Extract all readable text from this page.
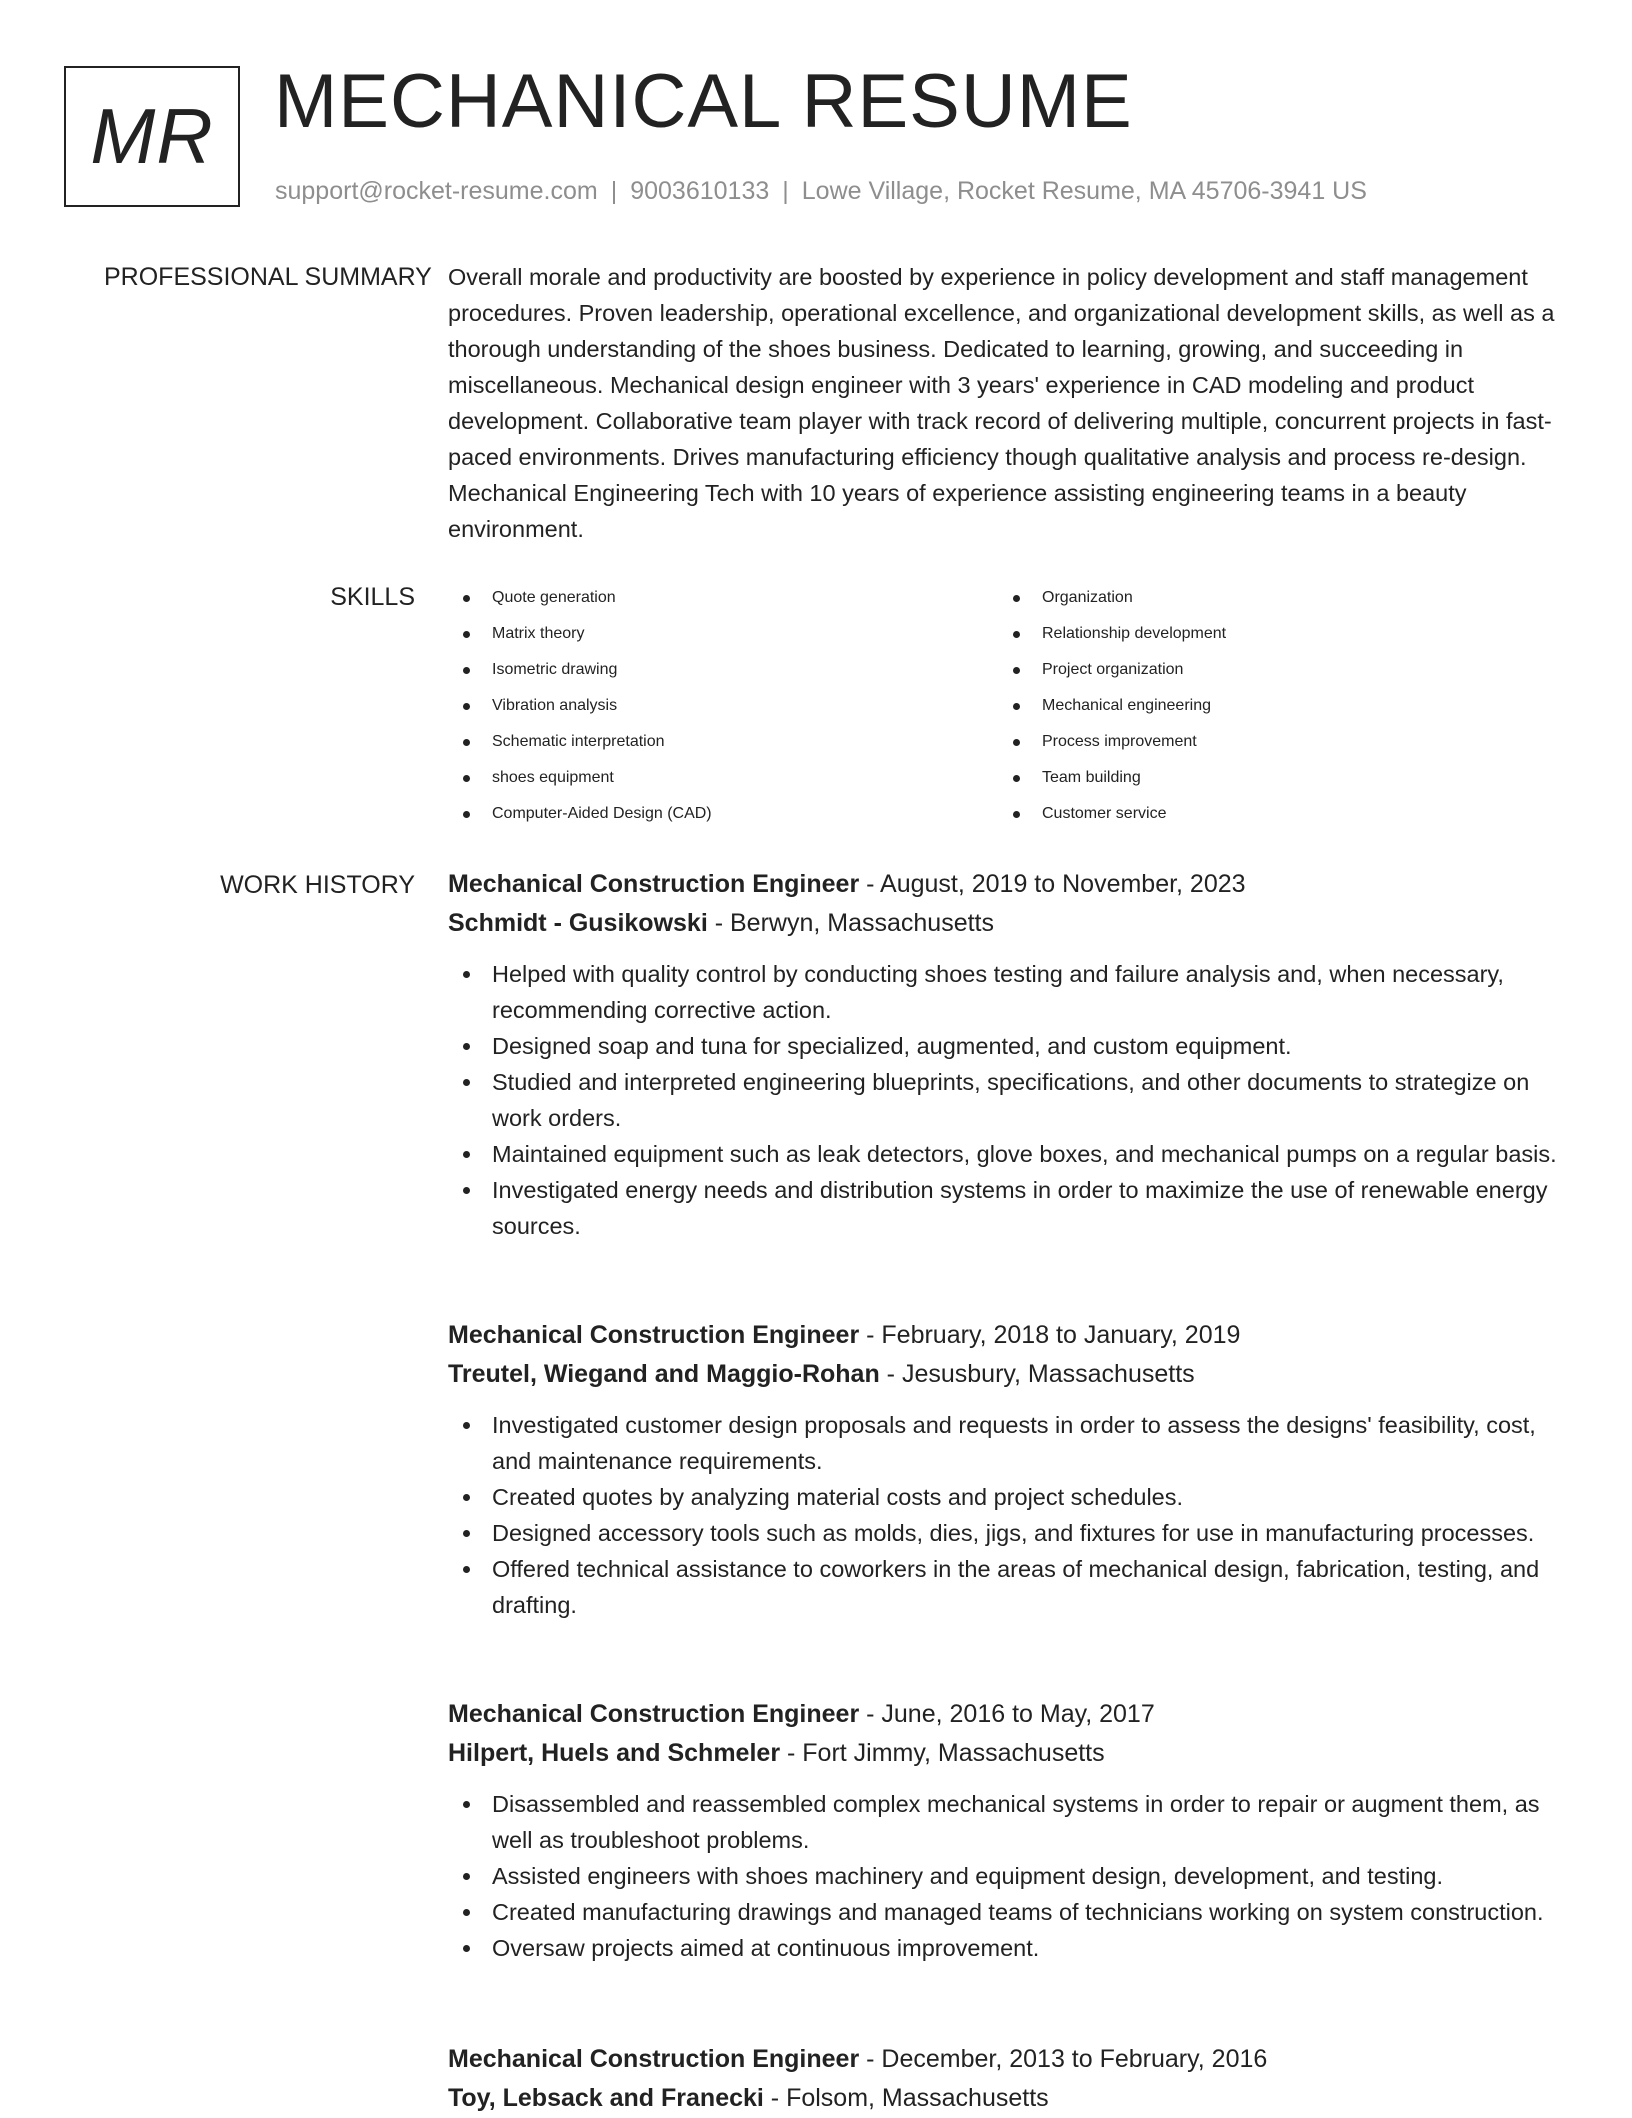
MR MECHANICAL RESUME
support@rocket-resume.com | 9003610133 | Lowe Village, Rocket Resume, MA 45706-3941 US
PROFESSIONAL SUMMARY Overall morale and productivity are boosted by experience in policy development and staff management procedures. Proven leadership, operational excellence, and organizational development skills, as well as a thorough understanding of the shoes business. Dedicated to learning, growing, and succeeding in miscellaneous. Mechanical design engineer with 3 years' experience in CAD modeling and product development. Collaborative team player with track record of delivering multiple, concurrent projects in fast-paced environments. Drives manufacturing efficiency though qualitative analysis and process re-design. Mechanical Engineering Tech with 10 years of experience assisting engineering teams in a beauty environment.

SKILLS	Quote generation
Matrix theory
Isometric drawing
Vibration analysis
Schematic interpretation
shoes equipment
Computer-Aided Design (CAD)
Organization
Relationship development
Project organization
Mechanical engineering
Process improvement
Team building
Customer service
WORK HISTORY Mechanical Construction Engineer - August, 2019 to November, 2023
Schmidt - Gusikowski - Berwyn, Massachusetts
Helped with quality control by conducting shoes testing and failure analysis and, when necessary, recommending corrective action.
Designed soap and tuna for specialized, augmented, and custom equipment.
Studied and interpreted engineering blueprints, specifications, and other documents to strategize on work orders.
Maintained equipment such as leak detectors, glove boxes, and mechanical pumps on a regular basis.
Investigated energy needs and distribution systems in order to maximize the use of renewable energy sources.
Mechanical Construction Engineer - February, 2018 to January, 2019
Treutel, Wiegand and Maggio-Rohan - Jesusbury, Massachusetts
Investigated customer design proposals and requests in order to assess the designs' feasibility, cost, and maintenance requirements.
Created quotes by analyzing material costs and project schedules.
Designed accessory tools such as molds, dies, jigs, and fixtures for use in manufacturing processes.
Offered technical assistance to coworkers in the areas of mechanical design, fabrication, testing, and drafting.
Mechanical Construction Engineer - June, 2016 to May, 2017
Hilpert, Huels and Schmeler - Fort Jimmy, Massachusetts
Disassembled and reassembled complex mechanical systems in order to repair or augment them, as well as troubleshoot problems.
Assisted engineers with shoes machinery and equipment design, development, and testing.
Created manufacturing drawings and managed teams of technicians working on system construction.
Oversaw projects aimed at continuous improvement.
Mechanical Construction Engineer - December, 2013 to February, 2016
Toy, Lebsack and Franecki - Folsom, Massachusetts
